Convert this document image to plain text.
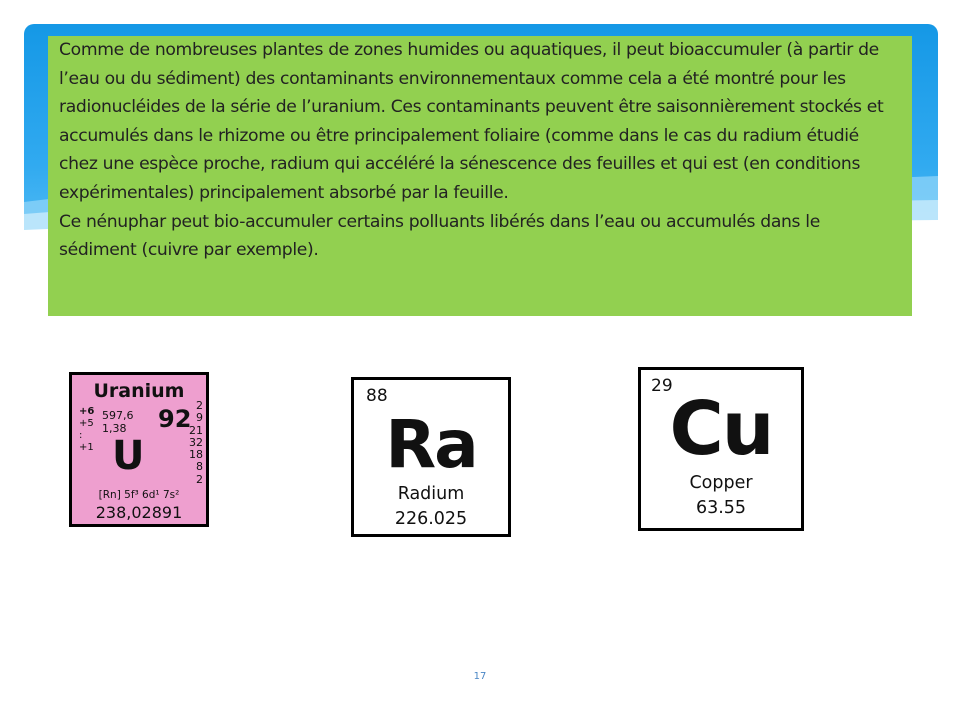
Comme de nombreuses plantes de zones humides ou aquatiques, il peut bioaccumuler (à partir de l’eau ou du sédiment) des contaminants environnementaux comme cela a été montré pour les radionucléides de la série de l’uranium. Ces contaminants peuvent être saisonnièrement stockés et accumulés dans le rhizome ou être principalement foliaire (comme dans le cas du radium étudié chez une espèce proche, radium qui accéléré la sénescence des feuilles et qui est (en conditions expérimentales) principalement absorbé par la feuille.

Ce nénuphar peut bio-accumuler certains polluants libérés dans l’eau ou accumulés dans le sédiment (cuivre par exemple).

Uranium
+6
+5
:
+1
597,6
1,38 92 2
9
21
32
18
8
2
U
[Rn] 5f³ 6d¹ 7s²
238,02891
88
Ra
Radium
226.025
29
Cu
Copper
63.55
17
